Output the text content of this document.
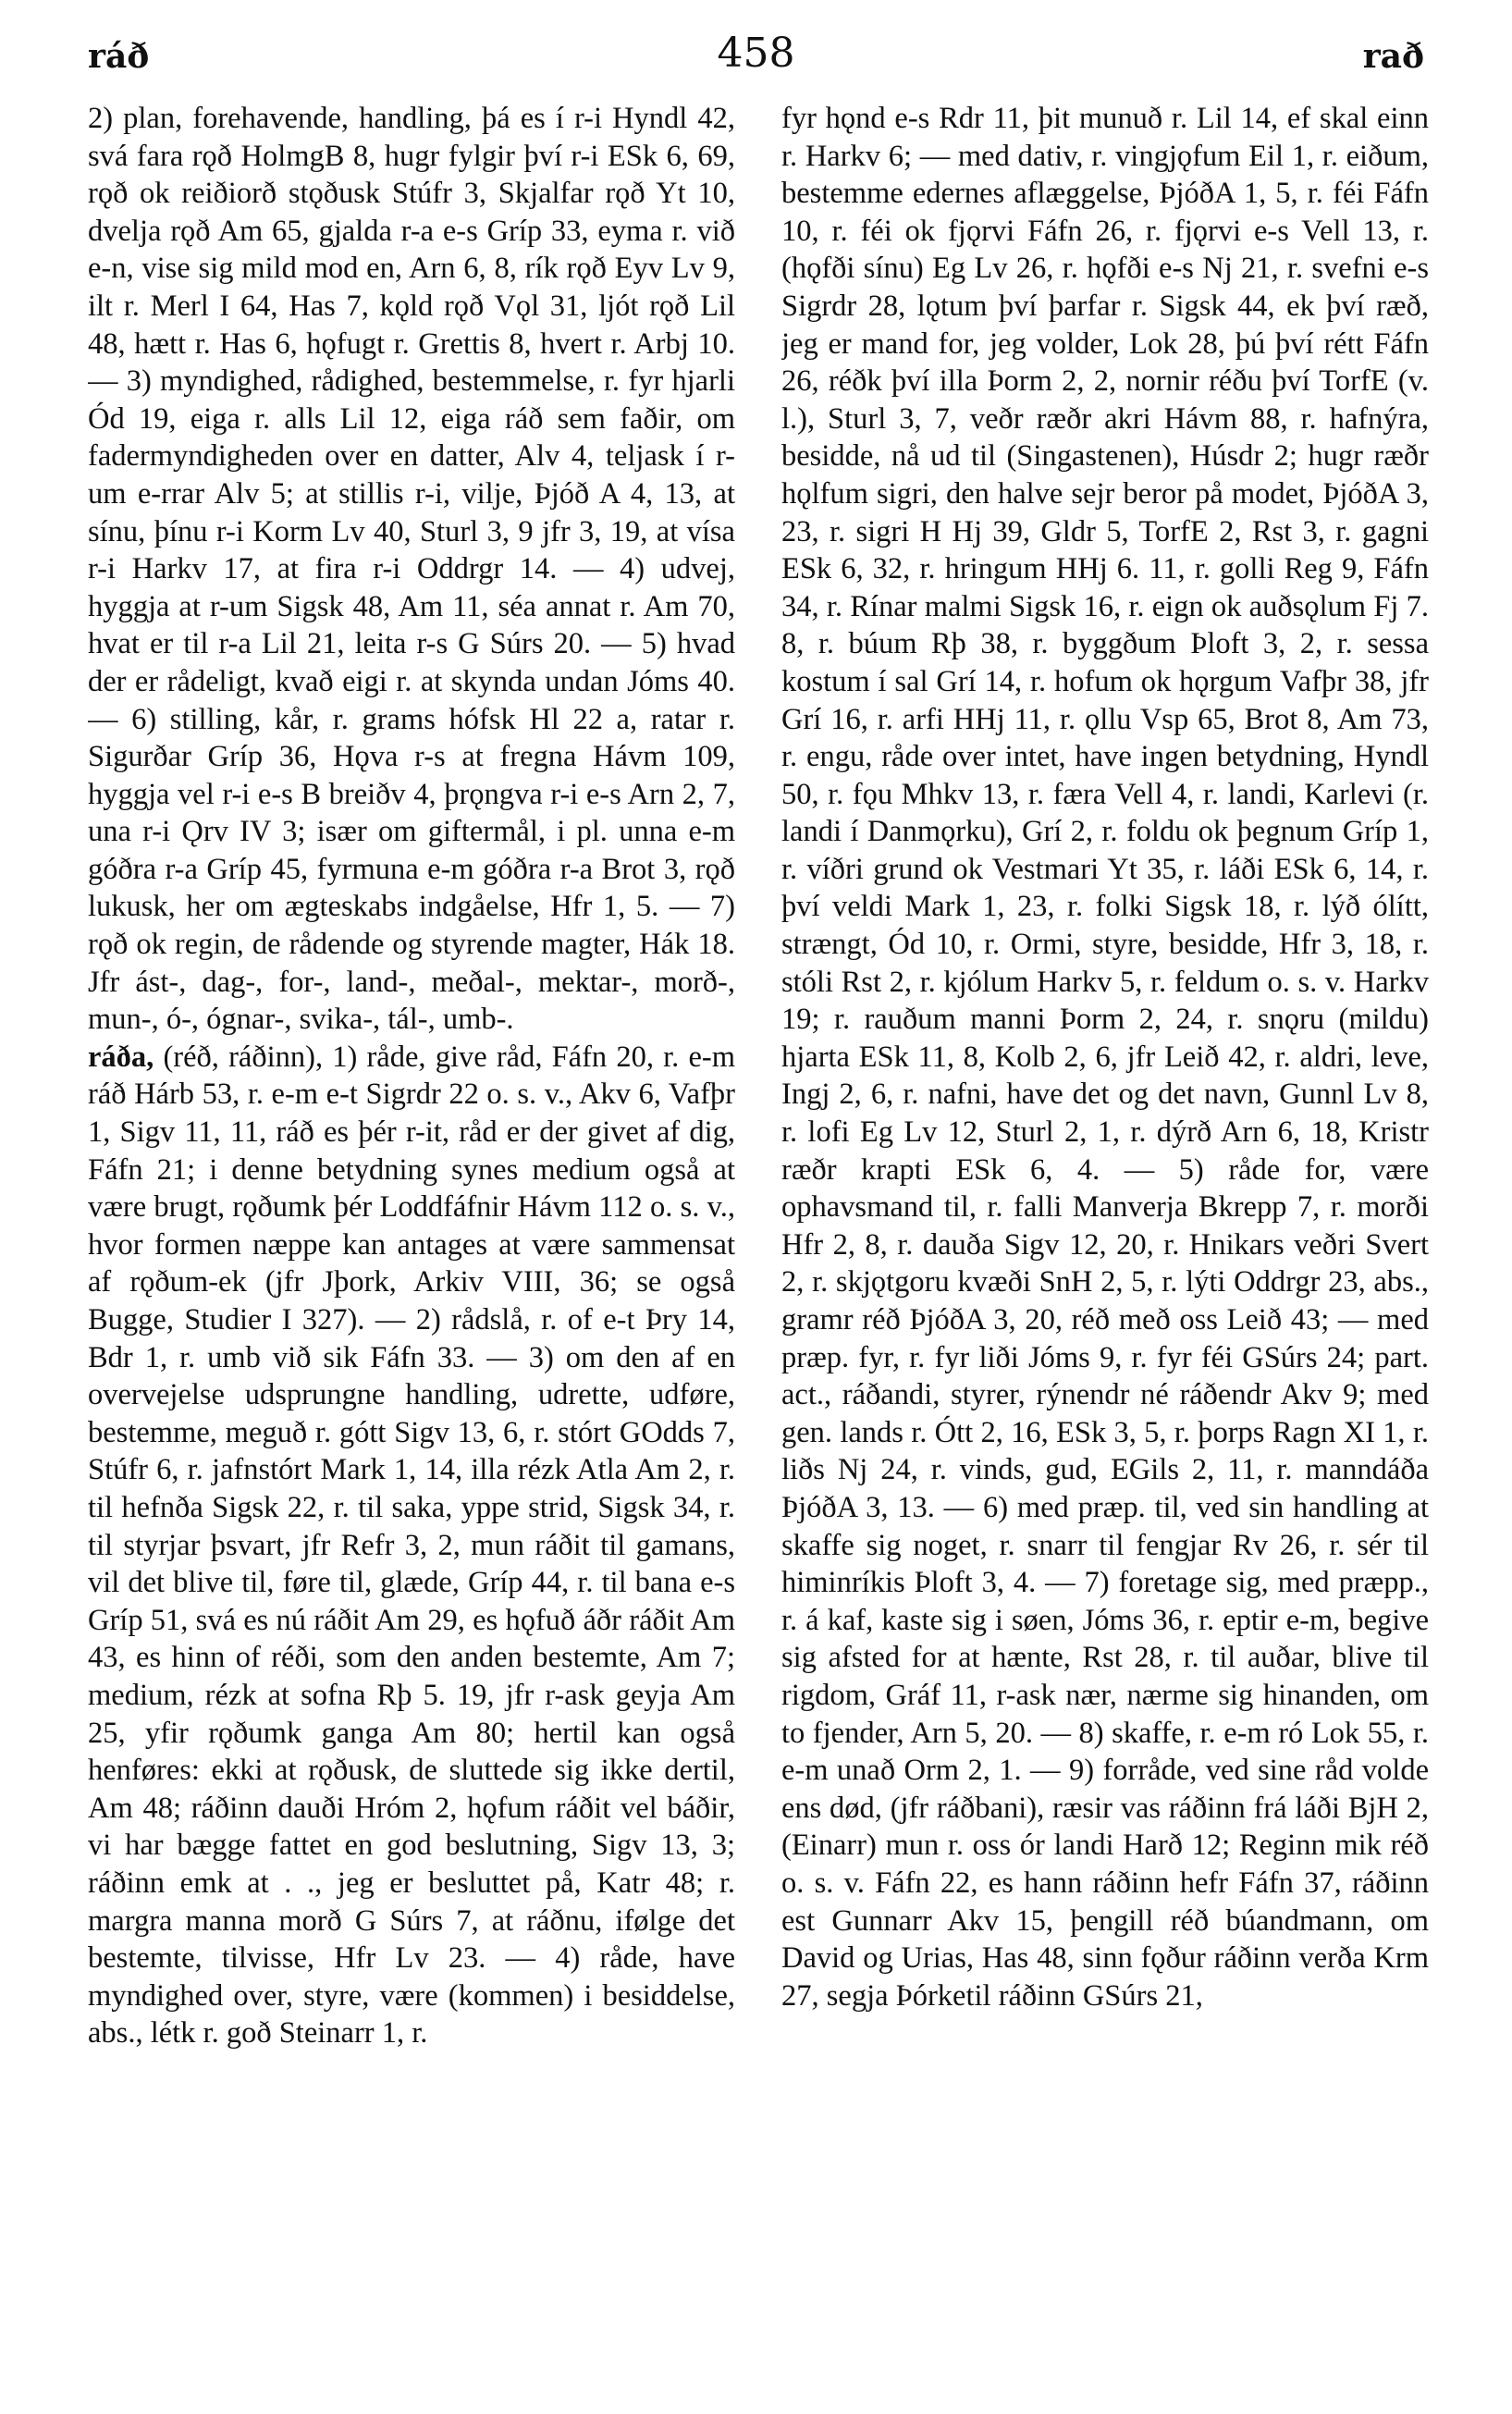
ráð	458	rað

2) plan, forehavende, handling, þá es í r-i Hyndl 42, svá fara rǫð HolmgB 8, hugr fylgir því r-i ESk 6, 69, rǫð ok reiðiorð stǫðusk Stúfr 3, Skjalfar rǫð Yt 10, dvelja rǫð Am 65, gjalda r-a e-s Gríp 33, eyma r. við e-n, vise sig mild mod en, Arn 6, 8, rík rǫð Eyv Lv 9, ilt r. Merl I 64, Has 7, kǫld rǫð Vǫl 31, ljót rǫð Lil 48, hætt r. Has 6, hǫfugt r. Grettis 8, hvert r. Arbj 10. — 3) myndighed, rådighed, bestemmelse, r. fyr hjarli Ód 19, eiga r. alls Lil 12, eiga ráð sem faðir, om fadermyndigheden over en datter, Alv 4, teljask í r-um e-rrar Alv 5; at stillis r-i, vilje, Þjóð A 4, 13, at sínu, þínu r-i Korm Lv 40, Sturl 3, 9 jfr 3, 19, at vísa r-i Harkv 17, at fira r-i Oddrgr 14. — 4) udvej, hyggja at r-um Sigsk 48, Am 11, séa annat r. Am 70, hvat er til r-a Lil 21, leita r-s G Súrs 20. — 5) hvad der er rådeligt, kvað eigi r. at skynda undan Jóms 40. — 6) stilling, kår, r. grams hófsk Hl 22 a, ratar r. Sigurðar Gríp 36, Hǫva r-s at fregna Hávm 109, hyggja vel r-i e-s B breiðv 4, þrǫngva r-i e-s Arn 2, 7, una r-i Ǫrv IV 3; især om giftermål, i pl. unna e-m góðra r-a Gríp 45, fyrmuna e-m góðra r-a Brot 3, rǫð lukusk, her om ægteskabs indgåelse, Hfr 1, 5. — 7) rǫð ok regin, de rådende og styrende magter, Hák 18. Jfr ást-, dag-, for-, land-, meðal-, mektar-, morð-, mun-, ó-, ógnar-, svika-, tál-, umb-.

ráða, (réð, ráðinn), 1) råde, give råd, Fáfn 20, r. e-m ráð Hárb 53, r. e-m e-t Sigrdr 22 o. s. v., Akv 6, Vafþr 1, Sigv 11, 11, ráð es þér r-it, råd er der givet af dig, Fáfn 21; i denne betydning synes medium også at være brugt, rǫðumk þér Loddfáfnir Hávm 112 o. s. v., hvor formen næppe kan antages at være sammensat af rǫðum-ek (jfr Jþork, Arkiv VIII, 36; se også Bugge, Studier I 327). — 2) rådslå, r. of e-t Þry 14, Bdr 1, r. umb við sik Fáfn 33. — 3) om den af en overvejelse udsprungne handling, udrette, udføre, bestemme, meguð r. gótt Sigv 13, 6, r. stórt GOdds 7, Stúfr 6, r. jafnstórt Mark 1, 14, illa rézk Atla Am 2, r. til hefnða Sigsk 22, r. til saka, yppe strid, Sigsk 34, r. til styrjar þsvart, jfr Refr 3, 2, mun ráðit til gamans, vil det blive til, føre til, glæde, Gríp 44, r. til bana e-s Gríp 51, svá es nú ráðit Am 29, es hǫfuð áðr ráðit Am 43, es hinn of réði, som den anden bestemte, Am 7; medium, rézk at sofna Rþ 5. 19, jfr r-ask geyja Am 25, yfir rǫðumk ganga Am 80; hertil kan også henføres: ekki at rǫðusk, de sluttede sig ikke dertil, Am 48; ráðinn dauði Hróm 2, hǫfum ráðit vel báðir, vi har bægge fattet en god beslutning, Sigv 13, 3; ráðinn emk at . ., jeg er besluttet på, Katr 48; r. margra manna morð G Súrs 7, at ráðnu, ifølge det bestemte, tilvisse, Hfr Lv 23. — 4) råde, have myndighed over, styre, være (kommen) i besiddelse, abs., létk r. goð Steinarr 1, r.

fyr hǫnd e-s Rdr 11, þit munuð r. Lil 14, ef skal einn r. Harkv 6; — med dativ, r. vingjǫfum Eil 1, r. eiðum, bestemme edernes aflæggelse, ÞjóðA 1, 5, r. féi Fáfn 10, r. féi ok fjǫrvi Fáfn 26, r. fjǫrvi e-s Vell 13, r. (hǫfði sínu) Eg Lv 26, r. hǫfði e-s Nj 21, r. svefni e-s Sigrdr 28, lǫtum því þarfar r. Sigsk 44, ek því ræð, jeg er mand for, jeg volder, Lok 28, þú því rétt Fáfn 26, réðk því illa Þorm 2, 2, nornir réðu því TorfE (v. l.), Sturl 3, 7, veðr ræðr akri Hávm 88, r. hafnýra, besidde, nå ud til (Singastenen), Húsdr 2; hugr ræðr hǫlfum sigri, den halve sejr beror på modet, ÞjóðA 3, 23, r. sigri H Hj 39, Gldr 5, TorfE 2, Rst 3, r. gagni ESk 6, 32, r. hringum HHj 6. 11, r. golli Reg 9, Fáfn 34, r. Rínar malmi Sigsk 16, r. eign ok auðsǫlum Fj 7. 8, r. búum Rþ 38, r. byggðum Þloft 3, 2, r. sessa kostum í sal Grí 14, r. hofum ok hǫrgum Vafþr 38, jfr Grí 16, r. arfi HHj 11, r. ǫllu Vsp 65, Brot 8, Am 73, r. engu, råde over intet, have ingen betydning, Hyndl 50, r. fǫu Mhkv 13, r. færa Vell 4, r. landi, Karlevi (r. landi í Danmǫrku), Grí 2, r. foldu ok þegnum Gríp 1, r. víðri grund ok Vestmari Yt 35, r. láði ESk 6, 14, r. því veldi Mark 1, 23, r. folki Sigsk 18, r. lýð ólítt, strængt, Ód 10, r. Ormi, styre, besidde, Hfr 3, 18, r. stóli Rst 2, r. kjólum Harkv 5, r. feldum o. s. v. Harkv 19; r. rauðum manni Þorm 2, 24, r. snǫru (mildu) hjarta ESk 11, 8, Kolb 2, 6, jfr Leið 42, r. aldri, leve, Ingj 2, 6, r. nafni, have det og det navn, Gunnl Lv 8, r. lofi Eg Lv 12, Sturl 2, 1, r. dýrð Arn 6, 18, Kristr ræðr krapti ESk 6, 4. — 5) råde for, være ophavsmand til, r. falli Manverja Bkrepp 7, r. morði Hfr 2, 8, r. dauða Sigv 12, 20, r. Hnikars veðri Svert 2, r. skjǫtgoru kvæði SnH 2, 5, r. lýti Oddrgr 23, abs., gramr réð ÞjóðA 3, 20, réð með oss Leið 43; — med præp. fyr, r. fyr liði Jóms 9, r. fyr féi GSúrs 24; part. act., ráðandi, styrer, rýnendr né ráðendr Akv 9; med gen. lands r. Ótt 2, 16, ESk 3, 5, r. þorps Ragn XI 1, r. liðs Nj 24, r. vinds, gud, EGils 2, 11, r. manndáða ÞjóðA 3, 13. — 6) med præp. til, ved sin handling at skaffe sig noget, r. snarr til fengjar Rv 26, r. sér til himinríkis Þloft 3, 4. — 7) foretage sig, med præpp., r. á kaf, kaste sig i søen, Jóms 36, r. eptir e-m, begive sig afsted for at hænte, Rst 28, r. til auðar, blive til rigdom, Gráf 11, r-ask nær, nærme sig hinanden, om to fjender, Arn 5, 20. — 8) skaffe, r. e-m ró Lok 55, r. e-m unað Orm 2, 1. — 9) forråde, ved sine råd volde ens død, (jfr ráðbani), ræsir vas ráðinn frá láði BjH 2, (Einarr) mun r. oss ór landi Harð 12; Reginn mik réð o. s. v. Fáfn 22, es hann ráðinn hefr Fáfn 37, ráðinn est Gunnarr Akv 15, þengill réð búandmann, om David og Urias, Has 48, sinn fǫður ráðinn verða Krm 27, segja Þórketil ráðinn GSúrs 21,
